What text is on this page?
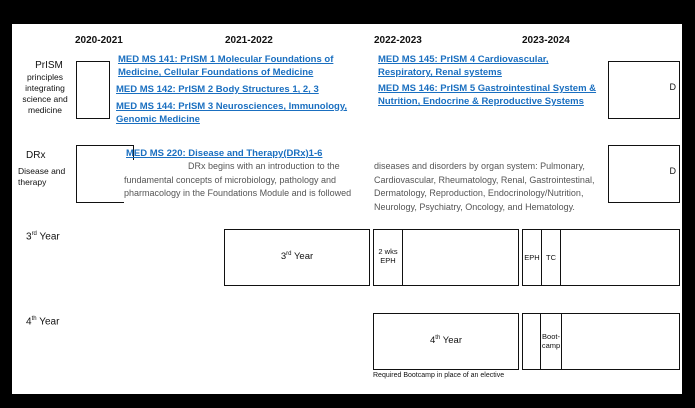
2020-2021	2021-2022	2022-2023	2023-2024
PrISM
principles integrating science and medicine
D
MED MS 141: PrISM 1 Molecular Foundations of Medicine, Cellular Foundations of Medicine
MED MS 142: PrISM 2 Body Structures 1, 2, 3
MED MS 144: PrISM 3 Neurosciences, Immunology, Genomic Medicine
MED MS 145: PrISM 4 Cardiovascular, Respiratory, Renal systems
MED MS 146: PrISM 5 Gastrointestinal System & Nutrition, Endocrine & Reproductive Systems
DRx
Disease and therapy
D
MED MS 220: Disease and Therapy(DRx)1-6
DRx begins with an introduction to the
fundamental concepts of microbiology, pathology and
pharmacology in the Foundations Module and is followed
diseases and disorders by organ system: Pulmonary,
Cardiovascular, Rheumatology, Renal, Gastrointestinal,
Dermatology, Reproduction, Endocrinology/Nutrition,
Neurology, Psychiatry, Oncology, and Hematology.
3rd Year
3rd Year	2 wks EPH	EPH TC
4th Year
4th Year
Required Bootcamp in place of an elective
Boot-camp
